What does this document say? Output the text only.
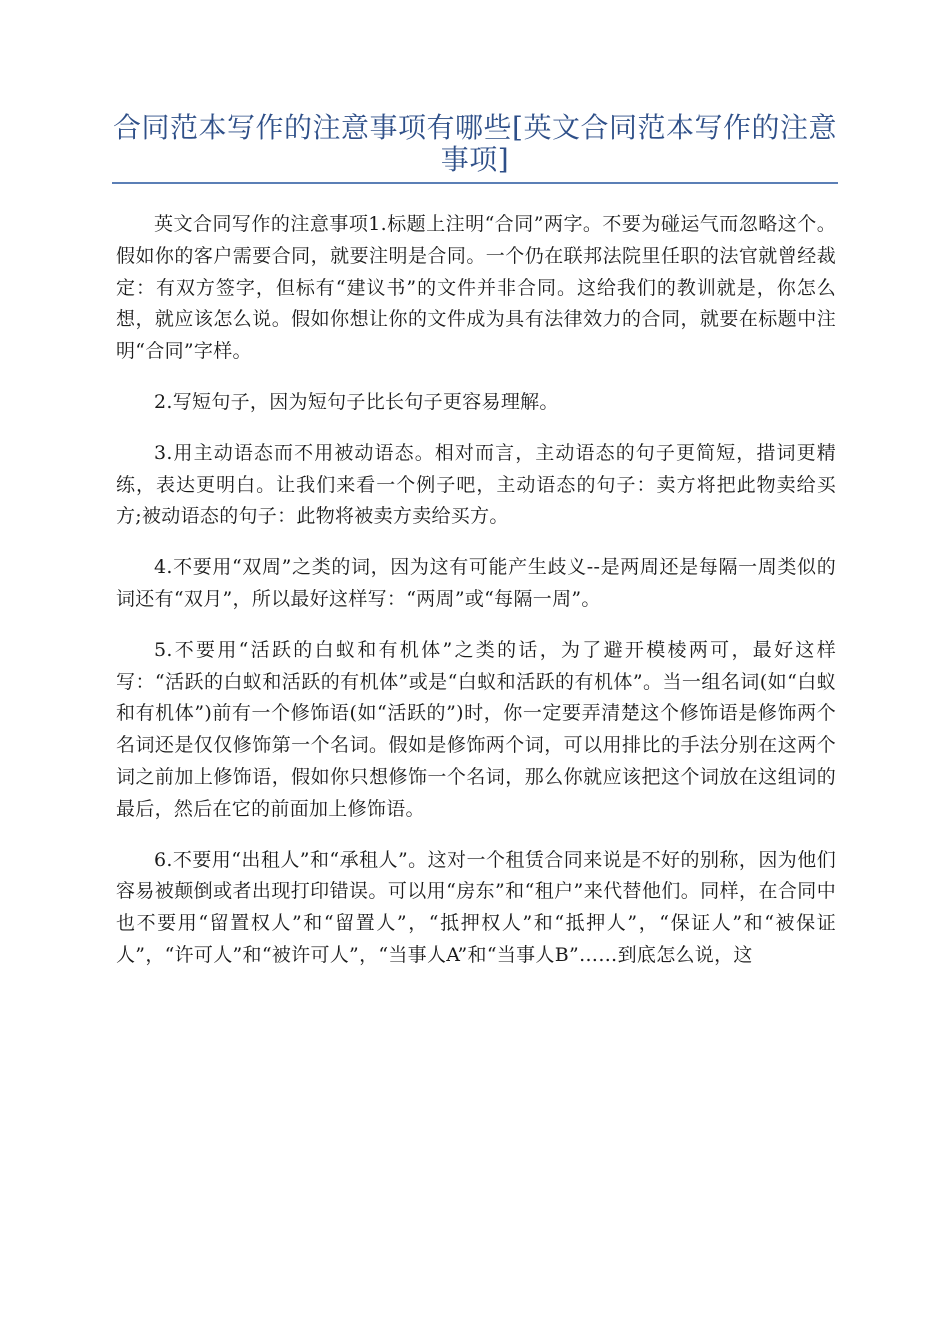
合同范本写作的注意事项有哪些[英文合同范本写作的注意事项]

英文合同写作的注意事项1.标题上注明“合同”两字。不要为碰运气而忽略这个。假如你的客户需要合同，就要注明是合同。一个仍在联邦法院里任职的法官就曾经裁定：有双方签字，但标有“建议书”的文件并非合同。这给我们的教训就是，你怎么想，就应该怎么说。假如你想让你的文件成为具有法律效力的合同，就要在标题中注明“合同”字样。

2.写短句子，因为短句子比长句子更容易理解。

3.用主动语态而不用被动语态。相对而言，主动语态的句子更简短，措词更精练，表达更明白。让我们来看一个例子吧，主动语态的句子：卖方将把此物卖给买方;被动语态的句子：此物将被卖方卖给买方。

4.不要用“双周”之类的词，因为这有可能产生歧义--是两周还是每隔一周类似的词还有“双月”，所以最好这样写：“两周”或“每隔一周”。

5.不要用“活跃的白蚁和有机体”之类的话，为了避开模棱两可，最好这样写：“活跃的白蚁和活跃的有机体”或是“白蚁和活跃的有机体”。当一组名词(如“白蚁和有机体”)前有一个修饰语(如“活跃的”)时，你一定要弄清楚这个修饰语是修饰两个名词还是仅仅修饰第一个名词。假如是修饰两个词，可以用排比的手法分别在这两个词之前加上修饰语，假如你只想修饰一个名词，那么你就应该把这个词放在这组词的最后，然后在它的前面加上修饰语。

6.不要用“出租人”和“承租人”。这对一个租赁合同来说是不好的别称，因为他们容易被颠倒或者出现打印错误。可以用“房东”和“租户”来代替他们。同样，在合同中也不要用“留置权人”和“留置人”，“抵押权人”和“抵押人”，“保证人”和“被保证人”，“许可人”和“被许可人”，“当事人A”和“当事人B”……到底怎么说，这
